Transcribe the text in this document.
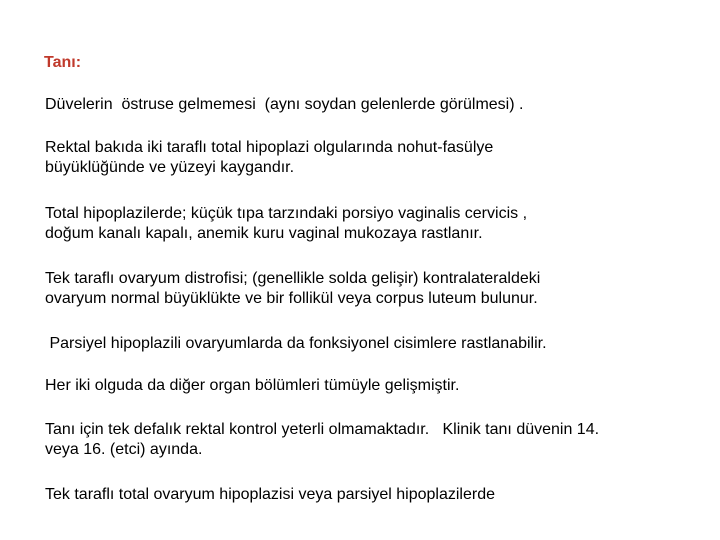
Tanı:
Düvelerin  östruse gelmemesi  (aynı soydan gelenlerde görülmesi) .
Rektal bakıda iki taraflı total hipoplazi olgularında nohut-fasülye
büyüklüğünde ve yüzeyi kaygandır.
Total hipoplazilerde; küçük tıpa tarzındaki porsiyo vaginalis cervicis ,
doğum kanalı kapalı, anemik kuru vaginal mukozaya rastlanır.
Tek taraflı ovaryum distrofisi; (genellikle solda gelişir) kontralateraldeki
ovaryum normal büyüklükte ve bir follikül veya corpus luteum bulunur.
Parsiyel hipoplazili ovaryumlarda da fonksiyonel cisimlere rastlanabilir.
Her iki olguda da diğer organ bölümleri tümüyle gelişmiştir.
Tanı için tek defalık rektal kontrol yeterli olmamaktadır.   Klinik tanı düvenin 14.
veya 16. (etci) ayında.
Tek taraflı total ovaryum hipoplazisi veya parsiyel hipoplazilerde
